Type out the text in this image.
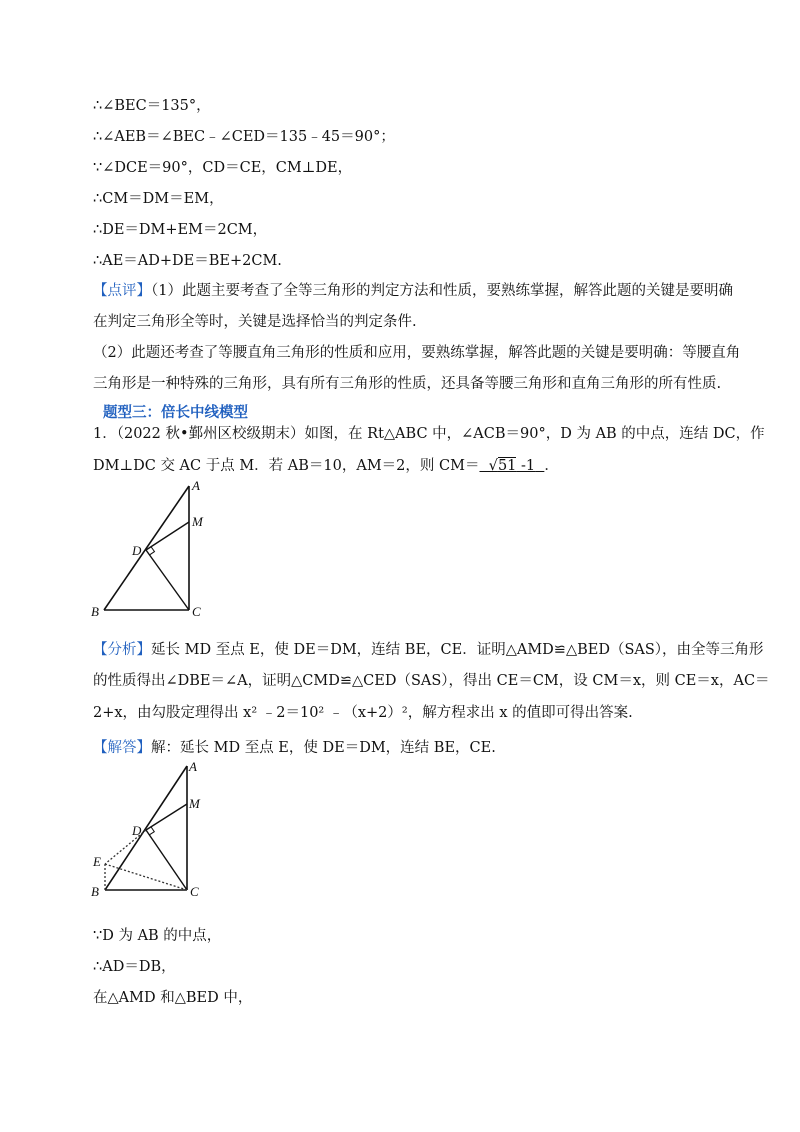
∴∠BEC＝135°，
∴∠AEB＝∠BEC﹣∠CED＝135﹣45＝90°；
∵∠DCE＝90°，CD＝CE，CM⊥DE，
∴CM＝DM＝EM，
∴DE＝DM+EM＝2CM，
∴AE＝AD+DE＝BE+2CM.
【点评】（1）此题主要考查了全等三角形的判定方法和性质，要熟练掌握，解答此题的关键是要明确
在判定三角形全等时，关键是选择恰当的判定条件.
（2）此题还考查了等腰直角三角形的性质和应用，要熟练掌握，解答此题的关键是要明确：等腰直角
三角形是一种特殊的三角形，具有所有三角形的性质，还具备等腰三角形和直角三角形的所有性质.
题型三：倍长中线模型
1．（2022 秋•鄞州区校级期末）如图，在 Rt△ABC 中，∠ACB＝90°，D 为 AB 的中点，连结 DC，作
DM⊥DC 交 AC 于点 M．若 AB＝10，AM＝2，则 CM＝  √51 -1 ．
A
M
D
B	C
【分析】延长 MD 至点 E，使 DE＝DM，连结 BE，CE．证明△AMD≌△BED（SAS），由全等三角形
的性质得出∠DBE＝∠A，证明△CMD≌△CED（SAS），得出 CE＝CM，设 CM＝x，则 CE＝x，AC＝
2+x，由勾股定理得出 x² ﹣2＝10² ﹣（x+2）²，解方程求出 x 的值即可得出答案.
【解答】解：延长 MD 至点 E，使 DE＝DM，连结 BE，CE.
A
M
D
E
B	C
∵D 为 AB 的中点，
∴AD＝DB，
在△AMD 和△BED 中，
